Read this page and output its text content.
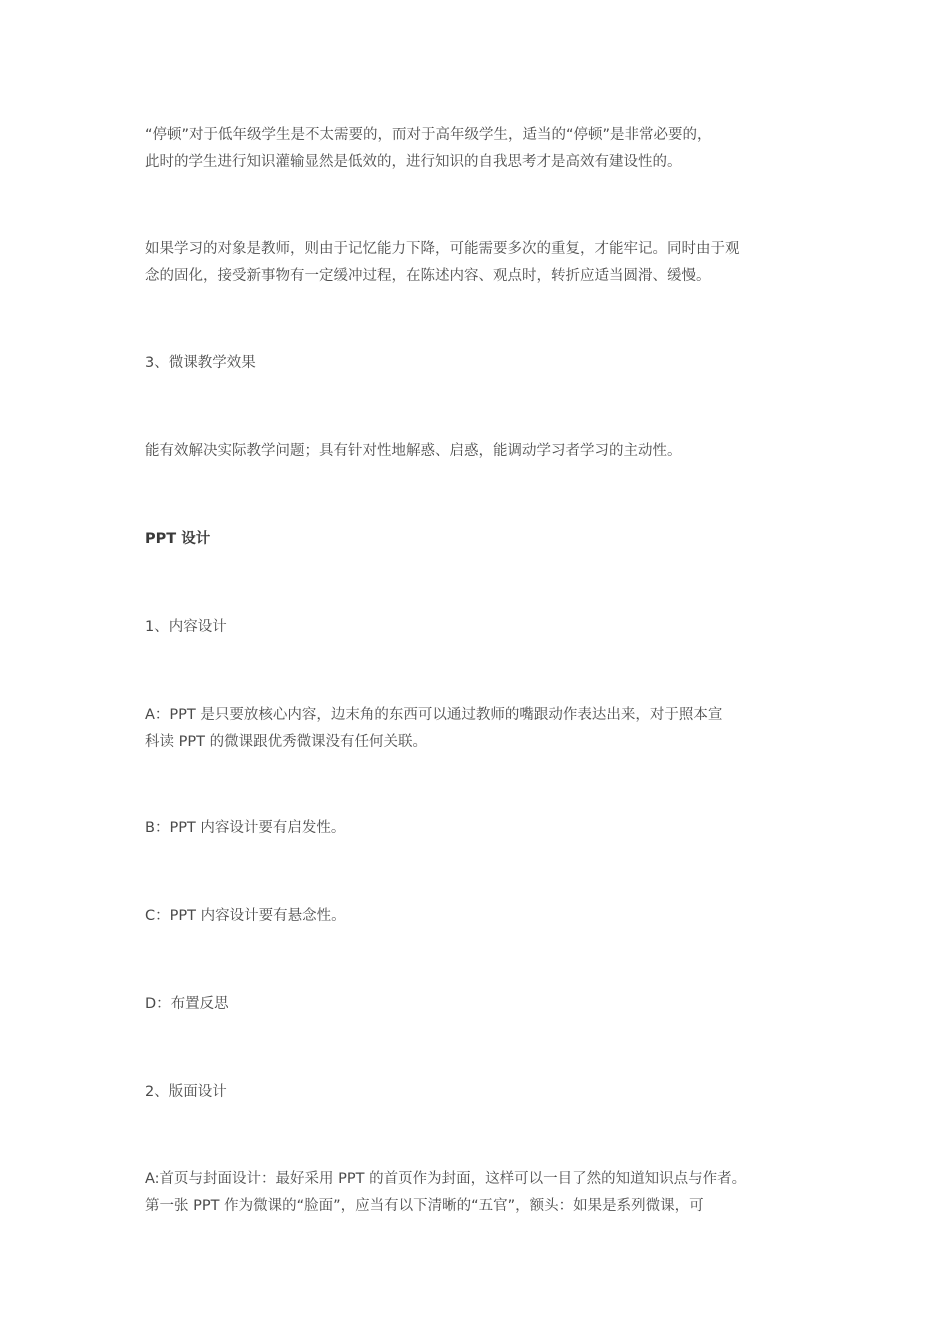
“停顿”对于低年级学生是不太需要的，而对于高年级学生，适当的“停顿”是非常必要的，
此时的学生进行知识灌输显然是低效的，进行知识的自我思考才是高效有建设性的。
如果学习的对象是教师，则由于记忆能力下降，可能需要多次的重复，才能牢记。同时由于观
念的固化，接受新事物有一定缓冲过程，在陈述内容、观点时，转折应适当圆滑、缓慢。
3、微课教学效果
能有效解决实际教学问题；具有针对性地解惑、启惑，能调动学习者学习的主动性。
PPT 设计
1、内容设计
A：PPT 是只要放核心内容，边末角的东西可以通过教师的嘴跟动作表达出来，对于照本宣
科读 PPT 的微课跟优秀微课没有任何关联。
B：PPT 内容设计要有启发性。
C：PPT 内容设计要有悬念性。
D：布置反思
2、版面设计
A:首页与封面设计：最好采用 PPT 的首页作为封面，这样可以一目了然的知道知识点与作者。
第一张 PPT 作为微课的“脸面”，应当有以下清晰的“五官”，额头：如果是系列微课，可
